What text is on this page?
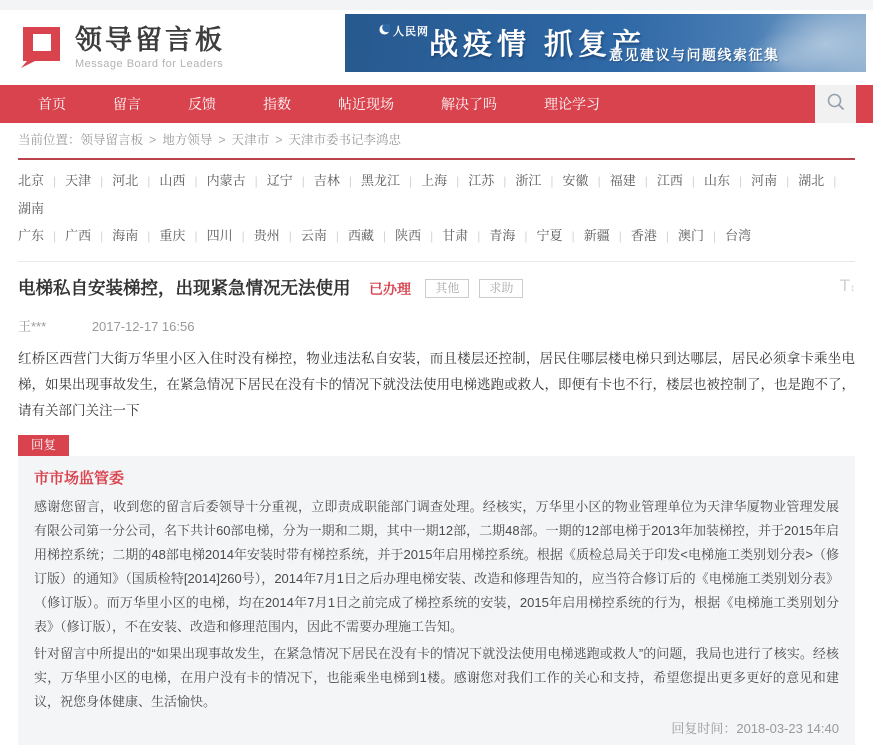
领导留言板
Message Board for Leaders
人民网 战疫情 抓复产
意见建议与问题线索征集
首页	留言	反馈	指数	帖近现场	解决了吗	理论学习
当前位置：领导留言板 > 地方领导 > 天津市 > 天津市委书记李鸿忠
北京 | 天津 | 河北 | 山西 | 内蒙古 | 辽宁 | 吉林 | 黑龙江 | 上海 | 江苏 | 浙江 | 安徽 | 福建 | 江西 | 山东 | 河南 | 湖北 |湖南
广东 | 广西 | 海南 | 重庆 | 四川 | 贵州 | 云南 | 西藏 | 陕西 | 甘肃 | 青海 | 宁夏 | 新疆 | 香港 | 澳门 | 台湾
电梯私自安装梯控，出现紧急情况无法使用 已办理 其他	求助	T↕
王***	2017-12-17 16:56
红桥区西营门大街万华里小区入住时没有梯控，物业违法私自安装，而且楼层还控制，居民住哪层楼电梯只到达哪层，居民必须拿卡乘坐电梯，如果出现事故发生，在紧急情况下居民在没有卡的情况下就没法使用电梯逃跑或救人，即便有卡也不行，楼层也被控制了，也是跑不了，请有关部门关注一下
回复
市市场监管委

感谢您留言，收到您的留言后委领导十分重视，立即责成职能部门调查处理。经核实，万华里小区的物业管理单位为天津华厦物业管理发展有限公司第一分公司，名下共计60部电梯，分为一期和二期，其中一期12部，二期48部。一期的12部电梯于2013年加装梯控，并于2015年启用梯控系统；二期的48部电梯2014年安装时带有梯控系统，并于2015年启用梯控系统。根据《质检总局关于印发<电梯施工类别划分表>（修订版）的通知》（国质检特[2014]260号），2014年7月1日之后办理电梯安装、改造和修理告知的，应当符合修订后的《电梯施工类别划分表》（修订版）。而万华里小区的电梯，均在2014年7月1日之前完成了梯控系统的安装，2015年启用梯控系统的行为，根据《电梯施工类别划分表》（修订版），不在安装、改造和修理范围内，因此不需要办理施工告知。

针对留言中所提出的“如果出现事故发生，在紧急情况下居民在没有卡的情况下就没法使用电梯逃跑或救人”的问题，我局也进行了核实。经核实，万华里小区的电梯，在用户没有卡的情况下，也能乘坐电梯到1楼。感谢您对我们工作的关心和支持，希望您提出更多更好的意见和建议，祝您身体健康、生活愉快。

回复时间：2018-03-23 14:40
